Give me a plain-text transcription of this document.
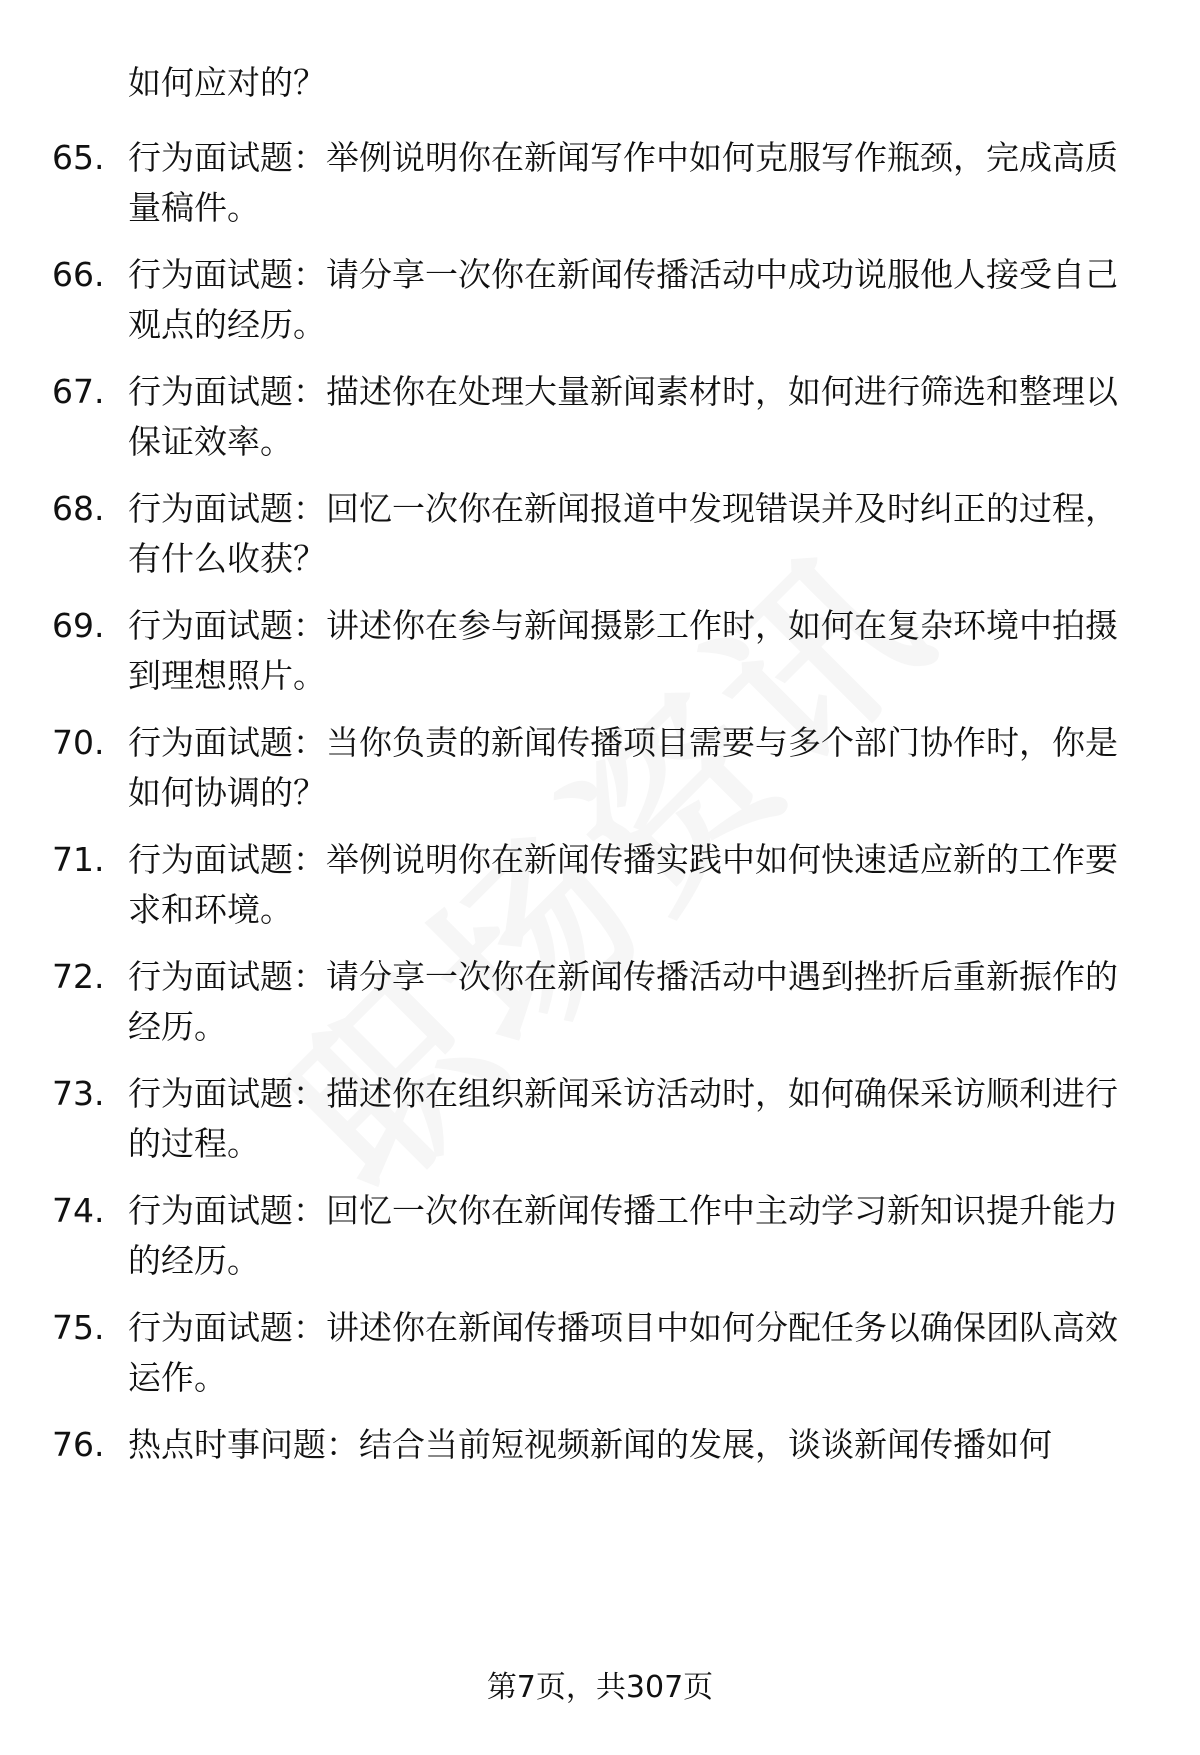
如何应对的？

65. 行为面试题：举例说明你在新闻写作中如何克服写作瓶颈，完成高质量稿件。
66. 行为面试题：请分享一次你在新闻传播活动中成功说服他人接受自己观点的经历。
67. 行为面试题：描述你在处理大量新闻素材时，如何进行筛选和整理以保证效率。
68. 行为面试题：回忆一次你在新闻报道中发现错误并及时纠正的过程，有什么收获？
69. 行为面试题：讲述你在参与新闻摄影工作时，如何在复杂环境中拍摄到理想照片。
70. 行为面试题：当你负责的新闻传播项目需要与多个部门协作时，你是如何协调的？
71. 行为面试题：举例说明你在新闻传播实践中如何快速适应新的工作要求和环境。
72. 行为面试题：请分享一次你在新闻传播活动中遇到挫折后重新振作的经历。
73. 行为面试题：描述你在组织新闻采访活动时，如何确保采访顺利进行的过程。
74. 行为面试题：回忆一次你在新闻传播工作中主动学习新知识提升能力的经历。
75. 行为面试题：讲述你在新闻传播项目中如何分配任务以确保团队高效运作。
76. 热点时事问题：结合当前短视频新闻的发展，谈谈新闻传播如何
第7页，共307页
